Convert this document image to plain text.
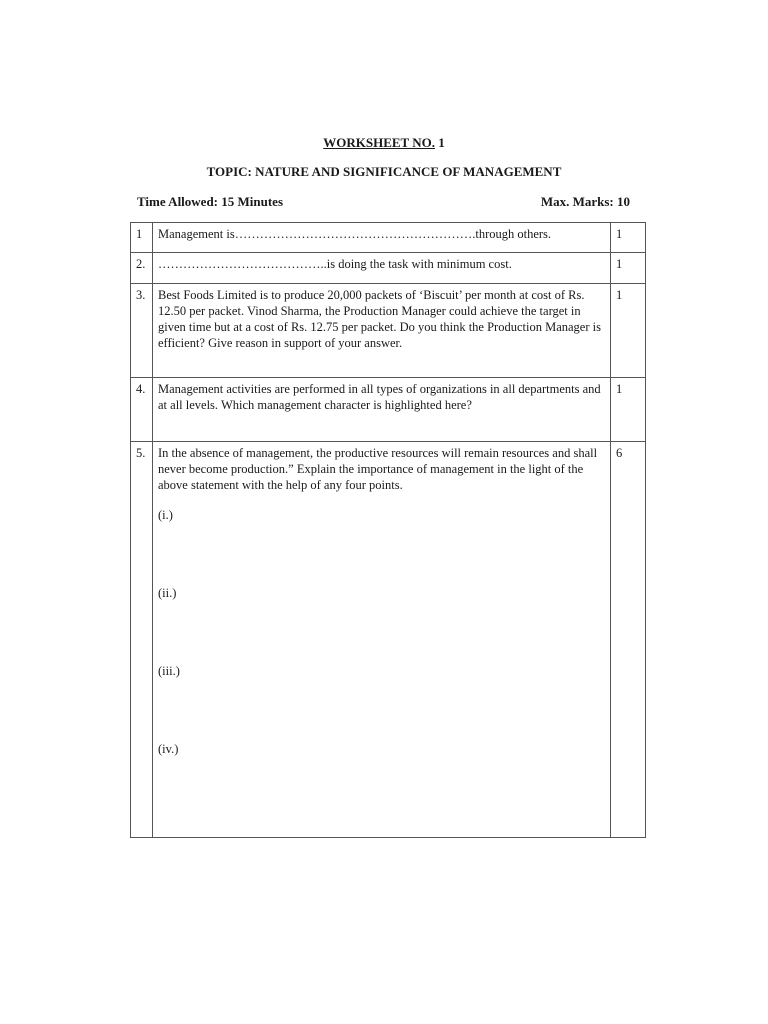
WORKSHEET NO. 1
TOPIC: NATURE AND SIGNIFICANCE OF MANAGEMENT
Time Allowed: 15 Minutes	Max. Marks: 10
1	Management is………………………………………………….through others.	1
2.	…………………………………..is doing the task with minimum cost.	1
3.	Best Foods Limited is to produce 20,000 packets of ‘Biscuit’ per month at cost of Rs. 12.50 per packet. Vinod Sharma, the Production Manager could achieve the target in given time but at a cost of Rs. 12.75 per packet. Do you think the Production Manager is efficient? Give reason in support of your answer.	1
4.	Management activities are performed in all types of organizations in all departments and at all levels. Which management character is highlighted here?	1
5.	In the absence of management, the productive resources will remain resources and shall never become production.” Explain the importance of management in the light of the above statement with the help of any four points.
(i.)
(ii.)
(iii.)
(iv.)	6
